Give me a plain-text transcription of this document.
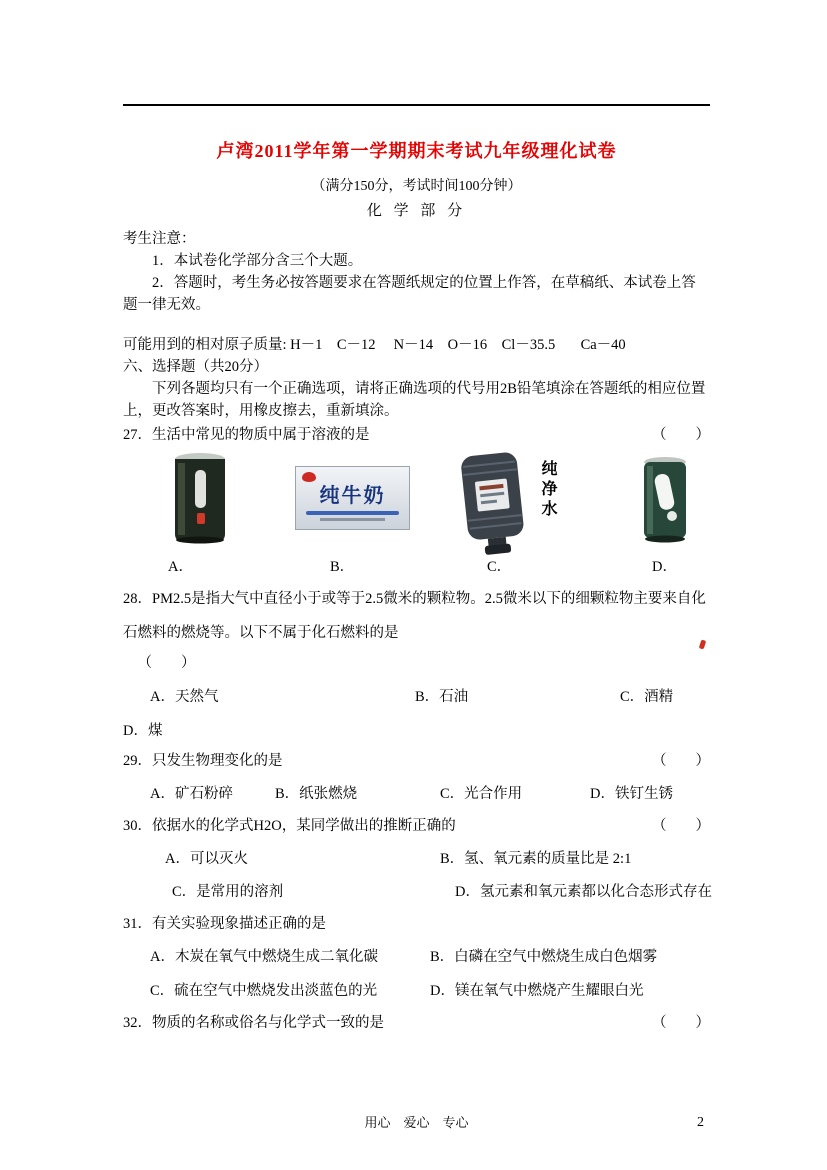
卢湾2011学年第一学期期末考试九年级理化试卷
（满分150分，考试时间100分钟）
化 学 部 分
考生注意：
1．本试卷化学部分含三个大题。
2．答题时，考生务必按答题要求在答题纸规定的位置上作答，在草稿纸、本试卷上答题一律无效。
可能用到的相对原子质量: H－1    C－12     N－14    O－16    Cl－35.5       Ca－40
六、选择题（共20分）
下列各题均只有一个正确选项，请将正确选项的代号用2B铅笔填涂在答题纸的相应位置上，更改答案时，用橡皮擦去，重新填涂。
27．生活中常见的物质中属于溶液的是	（　　）
纯牛奶	纯净水
A．	B．	C．	D．
28．PM2.5是指大气中直径小于或等于2.5微米的颗粒物。2.5微米以下的细颗粒物主要来自化石燃料的燃烧等。以下不属于化石燃料的是
（　　）
A．天然气	B．石油	C．酒精
D．煤
29．只发生物理变化的是	（　　）
A．矿石粉碎	B．纸张燃烧	C．光合作用	D．铁钉生锈
30．依据水的化学式H2O，某同学做出的推断正确的	（　　）
A．可以灭火	B．氢、氧元素的质量比是 2:1
C．是常用的溶剂	D．氢元素和氧元素都以化合态形式存在
31．有关实验现象描述正确的是
A．木炭在氧气中燃烧生成二氧化碳	B．白磷在空气中燃烧生成白色烟雾
C．硫在空气中燃烧发出淡蓝色的光	D．镁在氧气中燃烧产生耀眼白光
32．物质的名称或俗名与化学式一致的是	（　　）
用心　爱心　专心	2
